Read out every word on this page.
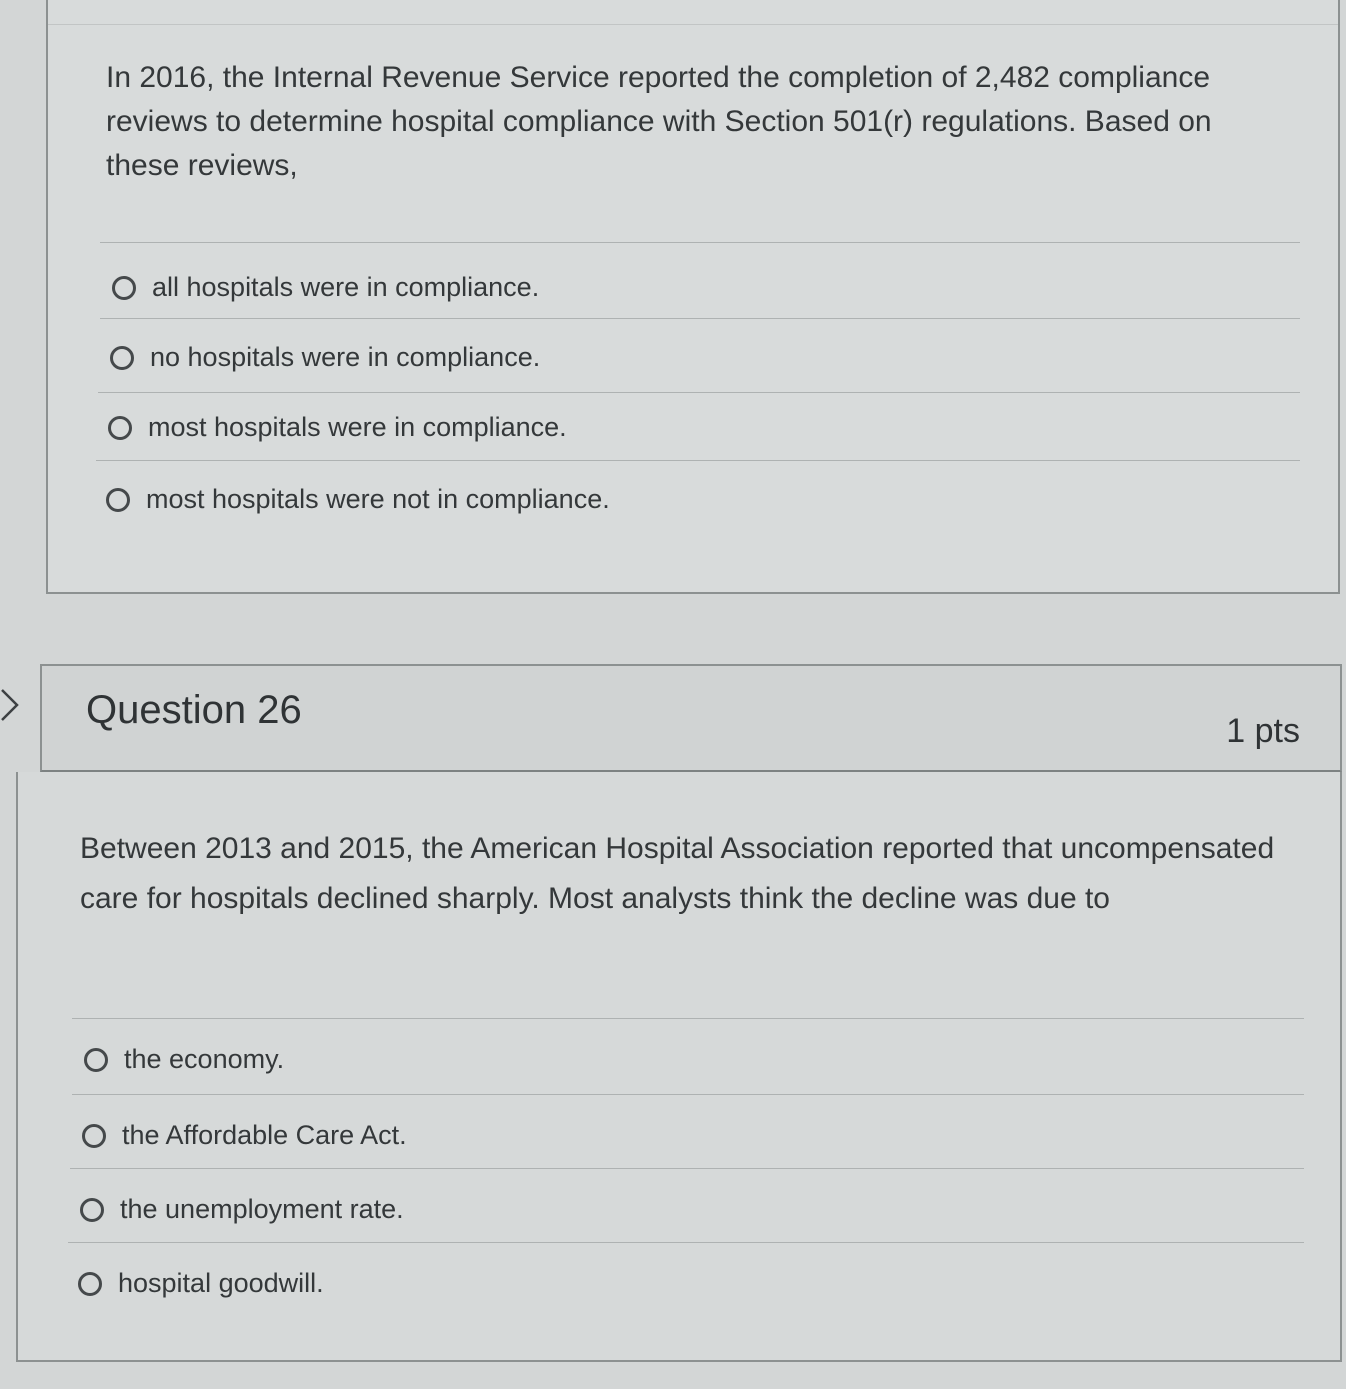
In 2016, the Internal Revenue Service reported the completion of 2,482 compliance reviews to determine hospital compliance with Section 501(r) regulations. Based on these reviews,
all hospitals were in compliance.
no hospitals were in compliance.
most hospitals were in compliance.
most hospitals were not in compliance.
Question 26	1 pts
Between 2013 and 2015, the American Hospital Association reported that uncompensated care for hospitals declined sharply. Most analysts think the decline was due to
the economy.
the Affordable Care Act.
the unemployment rate.
hospital goodwill.
